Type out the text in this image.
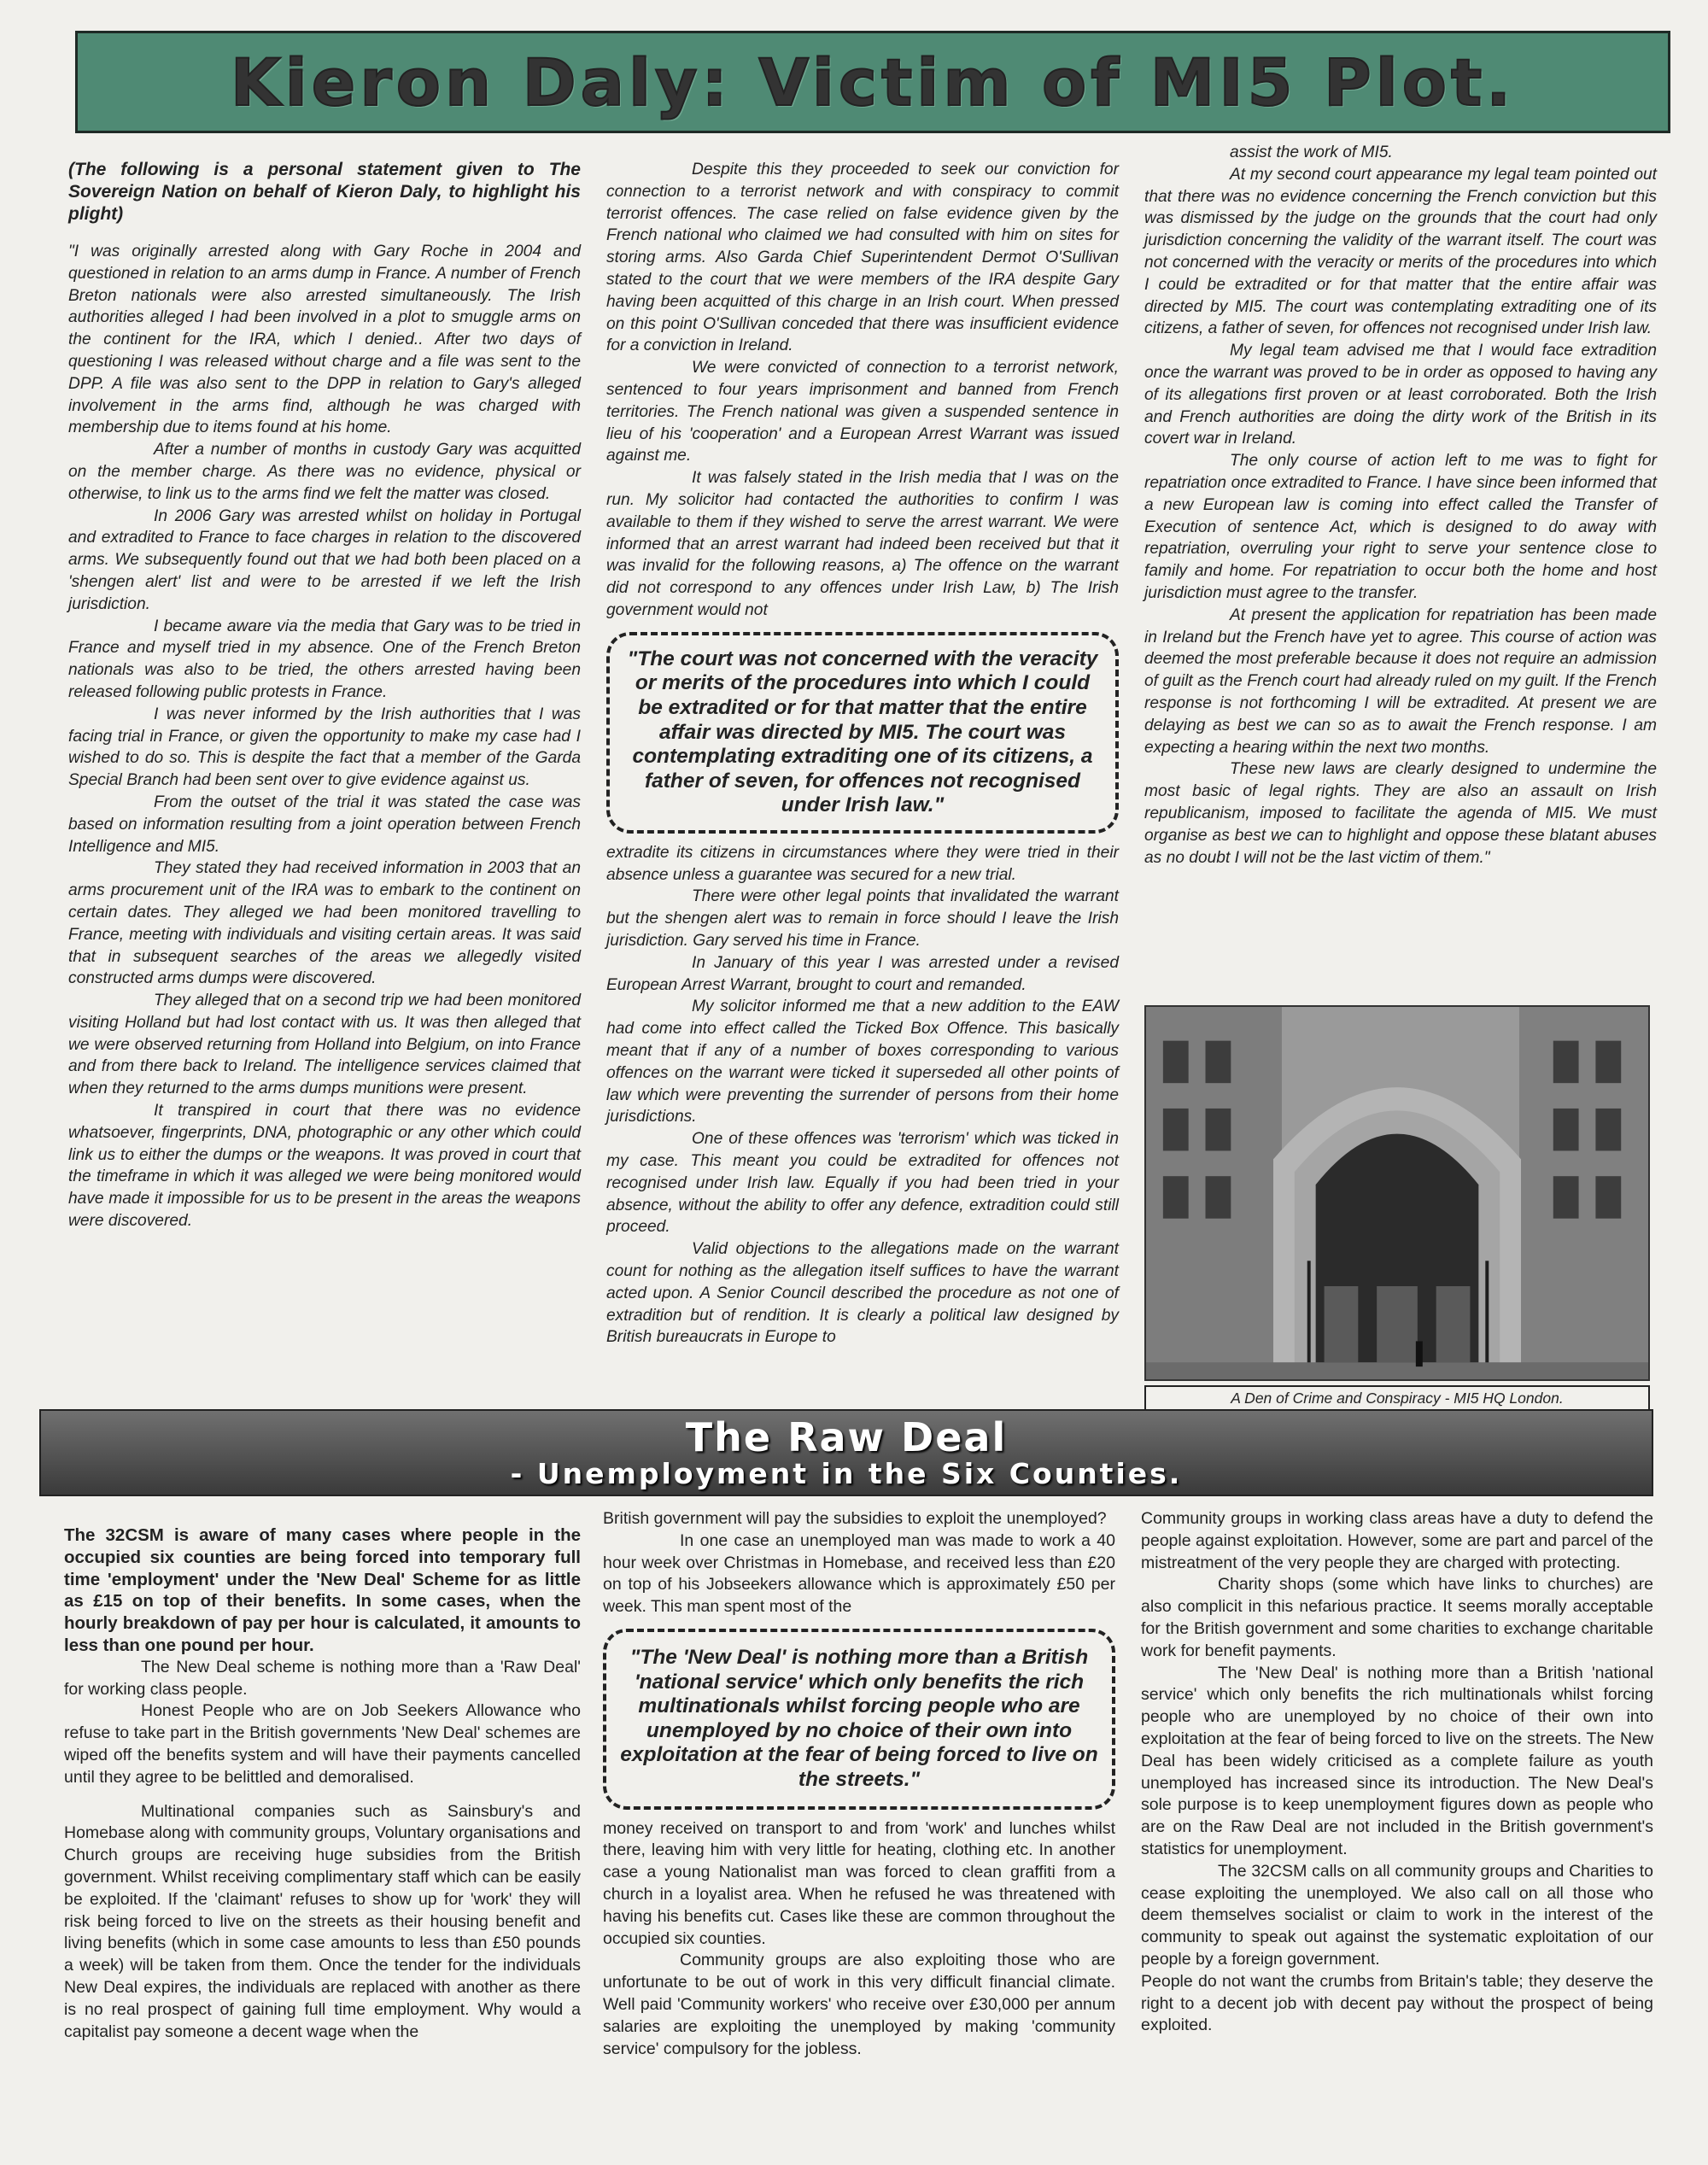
Kieron Daly: Victim of MI5 Plot.

(The following is a personal statement given to The Sovereign Nation on behalf of Kieron Daly, to highlight his plight)

"I was originally arrested along with Gary Roche in 2004 and questioned in relation to an arms dump in France. A number of French Breton nationals were also arrested simultaneously. The Irish authorities alleged I had been involved in a plot to smuggle arms on the continent for the IRA, which I denied.. After two days of questioning I was released without charge and a file was sent to the DPP. A file was also sent to the DPP in relation to Gary's alleged involvement in the arms find, although he was charged with membership due to items found at his home.

After a number of months in custody Gary was acquitted on the member charge. As there was no evidence, physical or otherwise, to link us to the arms find we felt the matter was closed.

In 2006 Gary was arrested whilst on holiday in Portugal and extradited to France to face charges in relation to the discovered arms. We subsequently found out that we had both been placed on a 'shengen alert' list and were to be arrested if we left the Irish jurisdiction.

I became aware via the media that Gary was to be tried in France and myself tried in my absence. One of the French Breton nationals was also to be tried, the others arrested having been released following public protests in France.

I was never informed by the Irish authorities that I was facing trial in France, or given the opportunity to make my case had I wished to do so. This is despite the fact that a member of the Garda Special Branch had been sent over to give evidence against us.

From the outset of the trial it was stated the case was based on information resulting from a joint operation between French Intelligence and MI5.

They stated they had received information in 2003 that an arms procurement unit of the IRA was to embark to the continent on certain dates. They alleged we had been monitored travelling to France, meeting with individuals and visiting certain areas. It was said that in subsequent searches of the areas we allegedly visited constructed arms dumps were discovered.

They alleged that on a second trip we had been monitored visiting Holland but had lost contact with us. It was then alleged that we were observed returning from Holland into Belgium, on into France and from there back to Ireland. The intelligence services claimed that when they returned to the arms dumps munitions were present.

It transpired in court that there was no evidence whatsoever, fingerprints, DNA, photographic or any other which could link us to either the dumps or the weapons. It was proved in court that the timeframe in which it was alleged we were being monitored would have made it impossible for us to be present in the areas the weapons were discovered.

Despite this they proceeded to seek our conviction for connection to a terrorist network and with conspiracy to commit terrorist offences. The case relied on false evidence given by the French national who claimed we had consulted with him on sites for storing arms. Also Garda Chief Superintendent Dermot O'Sullivan stated to the court that we were members of the IRA despite Gary having been acquitted of this charge in an Irish court. When pressed on this point O'Sullivan conceded that there was insufficient evidence for a conviction in Ireland.

We were convicted of connection to a terrorist network, sentenced to four years imprisonment and banned from French territories. The French national was given a suspended sentence in lieu of his 'cooperation' and a European Arrest Warrant was issued against me.

It was falsely stated in the Irish media that I was on the run. My solicitor had contacted the authorities to confirm I was available to them if they wished to serve the arrest warrant. We were informed that an arrest warrant had indeed been received but that it was invalid for the following reasons, a) The offence on the warrant did not correspond to any offences under Irish Law, b) The Irish government would not

"The court was not concerned with the veracity or merits of the procedures into which I could be extradited or for that matter that the entire affair was directed by MI5. The court was contemplating extraditing one of its citizens, a father of seven, for offences not recognised under Irish law."

extradite its citizens in circumstances where they were tried in their absence unless a guarantee was secured for a new trial.

There were other legal points that invalidated the warrant but the shengen alert was to remain in force should I leave the Irish jurisdiction. Gary served his time in France.

In January of this year I was arrested under a revised European Arrest Warrant, brought to court and remanded.

My solicitor informed me that a new addition to the EAW had come into effect called the Ticked Box Offence. This basically meant that if any of a number of boxes corresponding to various offences on the warrant were ticked it superseded all other points of law which were preventing the surrender of persons from their home jurisdictions.

One of these offences was 'terrorism' which was ticked in my case. This meant you could be extradited for offences not recognised under Irish law. Equally if you had been tried in your absence, without the ability to offer any defence, extradition could still proceed.

Valid objections to the allegations made on the warrant count for nothing as the allegation itself suffices to have the warrant acted upon. A Senior Council described the procedure as not one of extradition but of rendition. It is clearly a political law designed by British bureaucrats in Europe to

assist the work of MI5.

At my second court appearance my legal team pointed out that there was no evidence concerning the French conviction but this was dismissed by the judge on the grounds that the court had only jurisdiction concerning the validity of the warrant itself. The court was not concerned with the veracity or merits of the procedures into which I could be extradited or for that matter that the entire affair was directed by MI5. The court was contemplating extraditing one of its citizens, a father of seven, for offences not recognised under Irish law.

My legal team advised me that I would face extradition once the warrant was proved to be in order as opposed to having any of its allegations first proven or at least corroborated. Both the Irish and French authorities are doing the dirty work of the British in its covert war in Ireland.

The only course of action left to me was to fight for repatriation once extradited to France. I have since been informed that a new European law is coming into effect called the Transfer of Execution of sentence Act, which is designed to do away with repatriation, overruling your right to serve your sentence close to family and home. For repatriation to occur both the home and host jurisdiction must agree to the transfer.

At present the application for repatriation has been made in Ireland but the French have yet to agree. This course of action was deemed the most preferable because it does not require an admission of guilt as the French court had already ruled on my guilt. If the French response is not forthcoming I will be extradited. At present we are delaying as best we can so as to await the French response. I am expecting a hearing within the next two months.

These new laws are clearly designed to undermine the most basic of legal rights. They are also an assault on Irish republicanism, imposed to facilitate the agenda of MI5. We must organise as best we can to highlight and oppose these blatant abuses as no doubt I will not be the last victim of them."

A Den of Crime and Conspiracy - MI5 HQ London.
The Raw Deal
- Unemployment in the Six Counties.

The 32CSM is aware of many cases where people in the occupied six counties are being forced into temporary full time 'employment' under the 'New Deal' Scheme for as little as £15 on top of their benefits. In some cases, when the hourly breakdown of pay per hour is calculated, it amounts to less than one pound per hour.

The New Deal scheme is nothing more than a 'Raw Deal' for working class people.

Honest People who are on Job Seekers Allowance who refuse to take part in the British governments 'New Deal' schemes are wiped off the benefits system and will have their payments cancelled until they agree to be belittled and demoralised.

Multinational companies such as Sainsbury's and Homebase along with community groups, Voluntary organisations and Church groups are receiving huge subsidies from the British government. Whilst receiving complimentary staff which can be easily be exploited. If the 'claimant' refuses to show up for 'work' they will risk being forced to live on the streets as their housing benefit and living benefits (which in some case amounts to less than £50 pounds a week) will be taken from them. Once the tender for the individuals New Deal expires, the individuals are replaced with another as there is no real prospect of gaining full time employment. Why would a capitalist pay someone a decent wage when the

British government will pay the subsidies to exploit the unemployed?

In one case an unemployed man was made to work a 40 hour week over Christmas in Homebase, and received less than £20 on top of his Jobseekers allowance which is approximately £50 per week. This man spent most of the

"The 'New Deal' is nothing more than a British 'national service' which only benefits the rich multinationals whilst forcing people who are unemployed by no choice of their own into exploitation at the fear of being forced to live on the streets."

money received on transport to and from 'work' and lunches whilst there, leaving him with very little for heating, clothing etc. In another case a young Nationalist man was forced to clean graffiti from a church in a loyalist area. When he refused he was threatened with having his benefits cut. Cases like these are common throughout the occupied six counties.

Community groups are also exploiting those who are unfortunate to be out of work in this very difficult financial climate. Well paid 'Community workers' who receive over £30,000 per annum salaries are exploiting the unemployed by making 'community service' compulsory for the jobless.

Community groups in working class areas have a duty to defend the people against exploitation. However, some are part and parcel of the mistreatment of the very people they are charged with protecting.

Charity shops (some which have links to churches) are also complicit in this nefarious practice. It seems morally acceptable for the British government and some charities to exchange charitable work for benefit payments.

The 'New Deal' is nothing more than a British 'national service' which only benefits the rich multinationals whilst forcing people who are unemployed by no choice of their own into exploitation at the fear of being forced to live on the streets. The New Deal has been widely criticised as a complete failure as youth unemployed has increased since its introduction. The New Deal's sole purpose is to keep unemployment figures down as people who are on the Raw Deal are not included in the British government's statistics for unemployment.

The 32CSM calls on all community groups and Charities to cease exploiting the unemployed. We also call on all those who deem themselves socialist or claim to work in the interest of the community to speak out against the systematic exploitation of our people by a foreign government.

People do not want the crumbs from Britain's table; they deserve the right to a decent job with decent pay without the prospect of being exploited.
